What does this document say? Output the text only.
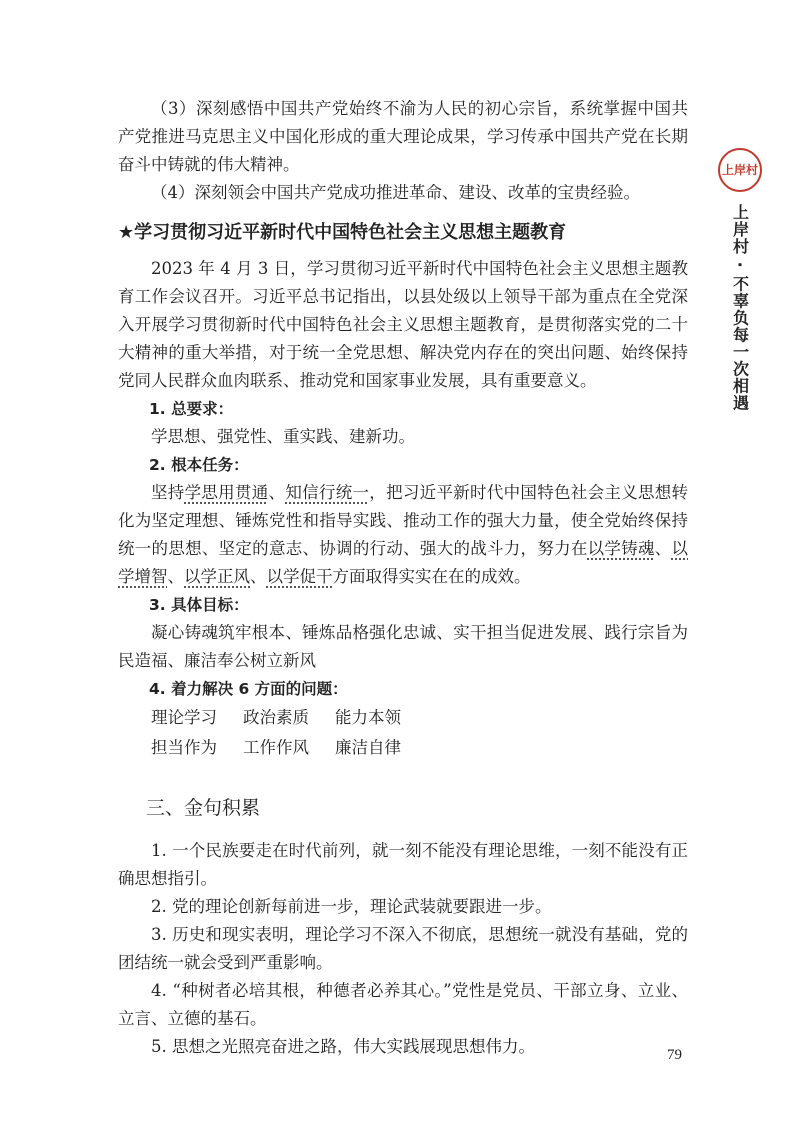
（3）深刻感悟中国共产党始终不渝为人民的初心宗旨，系统掌握中国共产党推进马克思主义中国化形成的重大理论成果，学习传承中国共产党在长期奋斗中铸就的伟大精神。

（4）深刻领会中国共产党成功推进革命、建设、改革的宝贵经验。

★学习贯彻习近平新时代中国特色社会主义思想主题教育

2023 年 4 月 3 日，学习贯彻习近平新时代中国特色社会主义思想主题教育工作会议召开。习近平总书记指出，以县处级以上领导干部为重点在全党深入开展学习贯彻新时代中国特色社会主义思想主题教育，是贯彻落实党的二十大精神的重大举措，对于统一全党思想、解决党内存在的突出问题、始终保持党同人民群众血肉联系、推动党和国家事业发展，具有重要意义。

1. 总要求：

学思想、强党性、重实践、建新功。

2. 根本任务：

坚持学思用贯通、知信行统一，把习近平新时代中国特色社会主义思想转化为坚定理想、锤炼党性和指导实践、推动工作的强大力量，使全党始终保持统一的思想、坚定的意志、协调的行动、强大的战斗力，努力在以学铸魂、以学增智、以学正风、以学促干方面取得实实在在的成效。

3. 具体目标：

凝心铸魂筑牢根本、锤炼品格强化忠诚、实干担当促进发展、践行宗旨为民造福、廉洁奉公树立新风

4. 着力解决 6 方面的问题：
理论学习 政治素质 能力本领
担当作为 工作作风 廉洁自律
三、金句积累

1. 一个民族要走在时代前列，就一刻不能没有理论思维，一刻不能没有正确思想指引。

2. 党的理论创新每前进一步，理论武装就要跟进一步。

3. 历史和现实表明，理论学习不深入不彻底，思想统一就没有基础，党的团结统一就会受到严重影响。

4. “种树者必培其根，种德者必养其心。”党性是党员、干部立身、立业、立言、立德的基石。

5. 思想之光照亮奋进之路，伟大实践展现思想伟力。

上岸村
上岸村 · 不辜负每一次相遇
79
